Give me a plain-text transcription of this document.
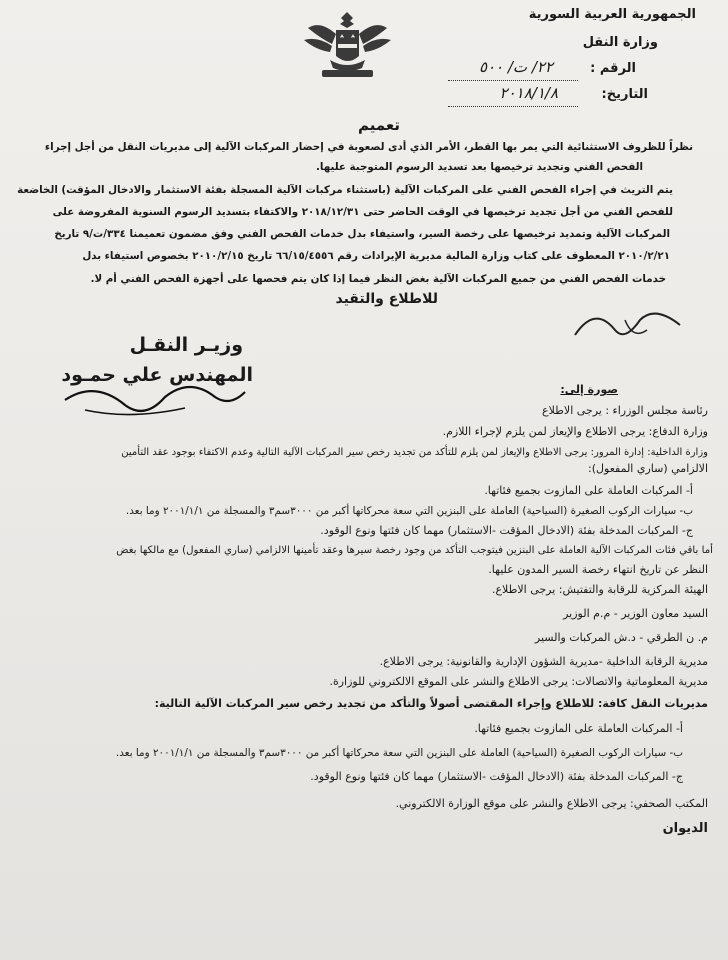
الجمهورية العربية السورية
وزارة النقل
الرقم :
٢٢/ ت/ ٥٠٠
التاريخ:
٢٠١٨/١/٨
تعميم
نظراً للظروف الاستثنائية التي يمر بها القطر، الأمر الذي أدى لصعوبة في إحضار المركبات الآلية إلى مديريات النقل من أجل إجراء
الفحص الفني وتجديد ترخيصها بعد تسديد الرسوم المتوجبة عليها.
يتم التريث في إجراء الفحص الفني على المركبات الآلية (باستثناء مركبات الآلية المسجلة بفئة الاستثمار والادخال المؤقت) الخاضعة
للفحص الفني من أجل تجديد ترخيصها في الوقت الحاضر حتى ٢٠١٨/١٢/٣١ والاكتفاء بتسديد الرسوم السنوية المفروضة على
المركبات الآلية وتمديد ترخيصها على رخصة السير، واستيفاء بدل خدمات الفحص الفني وفق مضمون تعميمنا ٣٣٤/ت/٩ تاريخ
٢٠١٠/٢/٢١ المعطوف على كتاب وزارة المالية مديرية الإيرادات رقم ٦٦/١٥/٤٥٥٦ تاريخ ٢٠١٠/٢/١٥ بخصوص استيفاء بدل
خدمات الفحص الفني من جميع المركبات الآلية بغض النظر فيما إذا كان يتم فحصها على أجهزة الفحص الفني أم لا.
للاطلاع والتقيد
وزيـر النقـل
المهندس علي حمـود
صورة إلى:
رئاسة مجلس الوزراء : يرجى الاطلاع
وزارة الدفاع: يرجى الاطلاع والإيعاز لمن يلزم لإجراء اللازم.
وزارة الداخلية: إدارة المرور: يرجى الاطلاع والإيعاز لمن يلزم للتأكد من تجديد رخص سير المركبات الآلية التالية وعدم الاكتفاء بوجود عقد التأمين
الالزامي (ساري المفعول):
أ- المركبات العاملة على المازوت بجميع فئاتها.
ب- سيارات الركوب الصغيرة (السياحية) العاملة على البنزين التي سعة محركاتها أكبر من ٣٠٠٠سم٣ والمسجلة من ٢٠٠١/١/١ وما بعد.
ج- المركبات المدخلة بفئة (الادخال المؤقت -الاستثمار) مهما كان فئتها ونوع الوقود.
أما باقي فئات المركبات الآلية العاملة على البنزين فيتوجب التأكد من وجود رخصة سيرها وعقد تأمينها الالزامي (ساري المفعول) مع مالكها بغض
النظر عن تاريخ انتهاء رخصة السير المدون عليها.
الهيئة المركزية للرقابة والتفتيش: يرجى الاطلاع.
السيد معاون الوزير - م.م الوزير
م. ن الطرقي - د.ش المركبات والسير
مديرية الرقابة الداخلية -مديرية الشؤون الإدارية والقانونية: يرجى الاطلاع.
مديرية المعلوماتية والاتصالات: يرجى الاطلاع والنشر على الموقع الالكتروني للوزارة.
مديريات النقل كافة: للاطلاع وإجراء المقتضى أصولاً والتأكد من تجديد رخص سير المركبات الآلية التالية:
أ- المركبات العاملة على المازوت بجميع فئاتها.
ب- سيارات الركوب الصغيرة (السياحية) العاملة على البنزين التي سعة محركاتها أكبر من ٣٠٠٠سم٣ والمسجلة من ٢٠٠١/١/١ وما بعد.
ج- المركبات المدخلة بفئة (الادخال المؤقت -الاستثمار) مهما كان فئتها ونوع الوقود.
المكتب الصحفي: يرجى الاطلاع والنشر على موقع الوزارة الالكتروني.
الديوان
